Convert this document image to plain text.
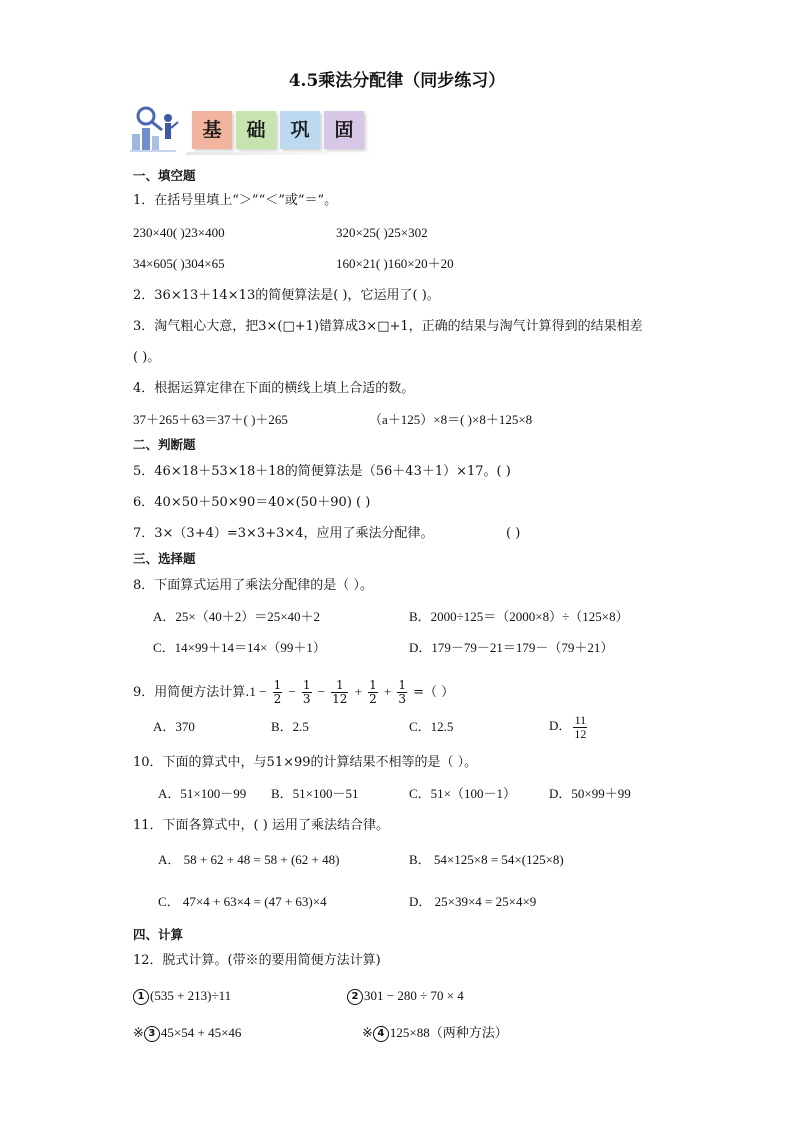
4.5乘法分配律（同步练习）
基	础	巩	固
一、填空题
1．在括号里填上“＞”“＜”或“＝”。
230×40( )23×400	320×25( )25×302
34×605( )304×65	160×21( )160×20＋20
2．36×13＋14×13的简便算法是( )，它运用了( )。
3．淘气粗心大意，把3×(□+1)错算成3×□+1，正确的结果与淘气计算得到的结果相差
( )。
4．根据运算定律在下面的横线上填上合适的数。
37＋265＋63＝37＋( )＋265	（a＋125）×8＝( )×8＋125×8
二、判断题
5．46×18＋53×18＋18的简便算法是（56＋43＋1）×17。( )
6．40×50＋50×90＝40×(50＋90) ( )
7．3×（3+4）=3×3+3×4，应用了乘法分配律。	( )
三、选择题
8．下面算式运用了乘法分配律的是（ ）。
A．25×（40＋2）＝25×40＋2	B．2000÷125＝（2000×8）÷（125×8）
C．14×99＋14＝14×（99＋1）	D．179－79－21＝179－（79＋21）
9．用简便方法计算$.1 - \frac{1}{2} - \frac{1}{3} - \frac{1}{12} + \frac{1}{2} + \frac{1}{3}$ =（ ）
A．370	B．2.5	C．12.5	D． $\frac{11}{12}$
10．下面的算式中，与51×99的计算结果不相等的是（ ）。
A．51×100－99 B．51×100－51	C．51×（100－1）	D．50×99＋99
11．下面各算式中，( ) 运用了乘法结合律。
A． 58 + 62 + 48 = 58 + (62 + 48)	B． 54×125×8 = 54×(125×8)
C． 47×4 + 63×4 = (47 + 63)×4	D． 25×39×4 = 25×4×9
四、计算
12．脱式计算。(带※的要用简便方法计算)
1 (535 + 213)÷11	2 301 − 280 ÷ 70 × 4
※ 3 45×54 + 45×46	※ 4 125×88（两种方法）
